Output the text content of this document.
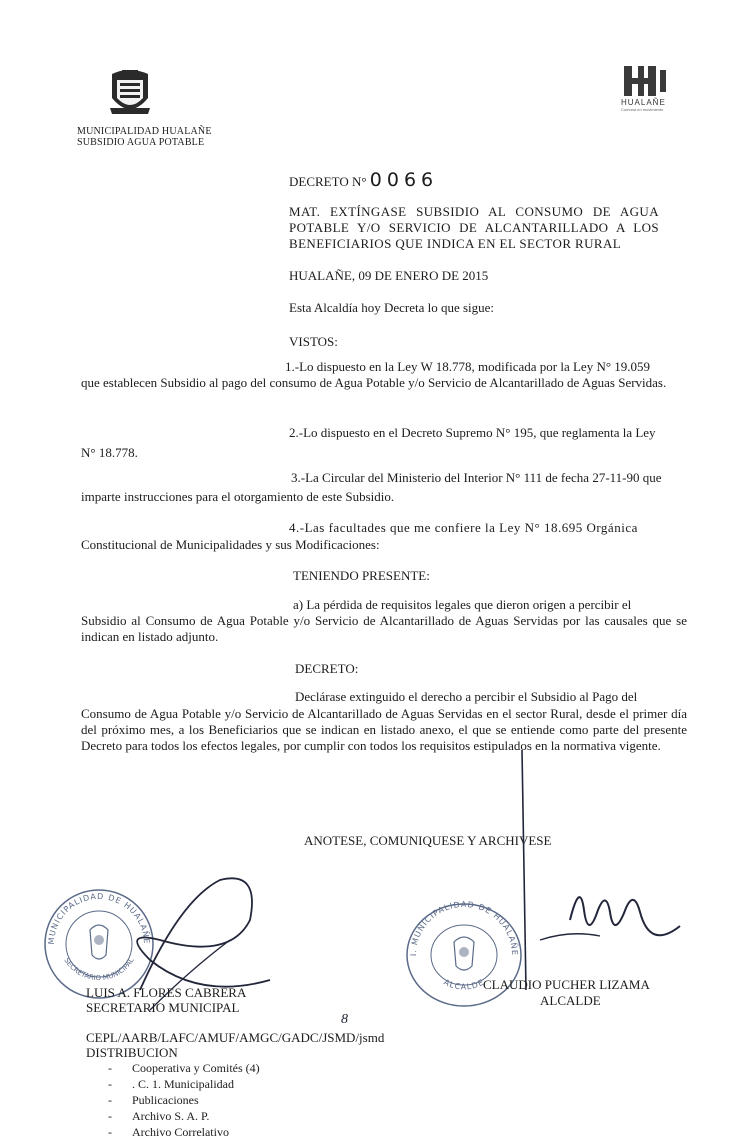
MUNICIPALIDAD HUALAÑE
SUBSIDIO AGUA POTABLE
HUALAÑE
Comuna en movimiento
DECRETO N° 0066
MAT. EXTÍNGASE SUBSIDIO AL CONSUMO DE AGUA POTABLE Y/O SERVICIO DE ALCANTARILLADO A LOS BENEFICIARIOS QUE INDICA EN EL SECTOR RURAL
HUALAÑE, 09 DE ENERO DE 2015
Esta Alcaldía hoy Decreta lo que sigue:
VISTOS:
1.-Lo dispuesto en la Ley W 18.778, modificada por la Ley N° 19.059
que establecen Subsidio al pago del consumo de Agua Potable y/o Servicio de Alcantarillado de Aguas Servidas.
2.-Lo dispuesto en el Decreto Supremo N° 195, que reglamenta la Ley
N° 18.778.
3.-La Circular del Ministerio del Interior N° 111 de fecha 27-11-90 que
imparte instrucciones para el otorgamiento de este Subsidio.
4.-Las facultades que me confiere la Ley N° 18.695 Orgánica
Constitucional de Municipalidades y sus Modificaciones:
TENIENDO PRESENTE:
a) La pérdida de requisitos legales que dieron origen a percibir el
Subsidio al Consumo de Agua Potable y/o Servicio de Alcantarillado de Aguas Servidas por las causales que se indican en listado adjunto.
DECRETO:
Declárase extinguido el derecho a percibir el Subsidio al Pago del
Consumo de Agua Potable y/o Servicio de Alcantarillado de Aguas Servidas en el sector Rural, desde el primer día del próximo mes, a los Beneficiarios que se indican en listado anexo, el que se entiende como parte del presente Decreto para todos los efectos legales, por cumplir con todos los requisitos estipulados en la normativa vigente.
ANOTESE, COMUNIQUESE Y ARCHIVESE
MUNICIPALIDAD DE HUALAÑE
SECRETARIO MUNICIPAL
I. MUNICIPALIDAD DE HUALAÑE
ALCALDE
LUIS A. FLORES CABRERA
SECRETARIO MUNICIPAL
CLAUDIO PUCHER LIZAMA
ALCALDE
8
CEPL/AARB/LAFC/AMUF/AMGC/GADC/JSMD/jsmd
DISTRIBUCION
- Cooperativa y Comités (4)
- . C. 1. Municipalidad
- Publicaciones
- Archivo S. A. P.
- Archivo Correlativo
